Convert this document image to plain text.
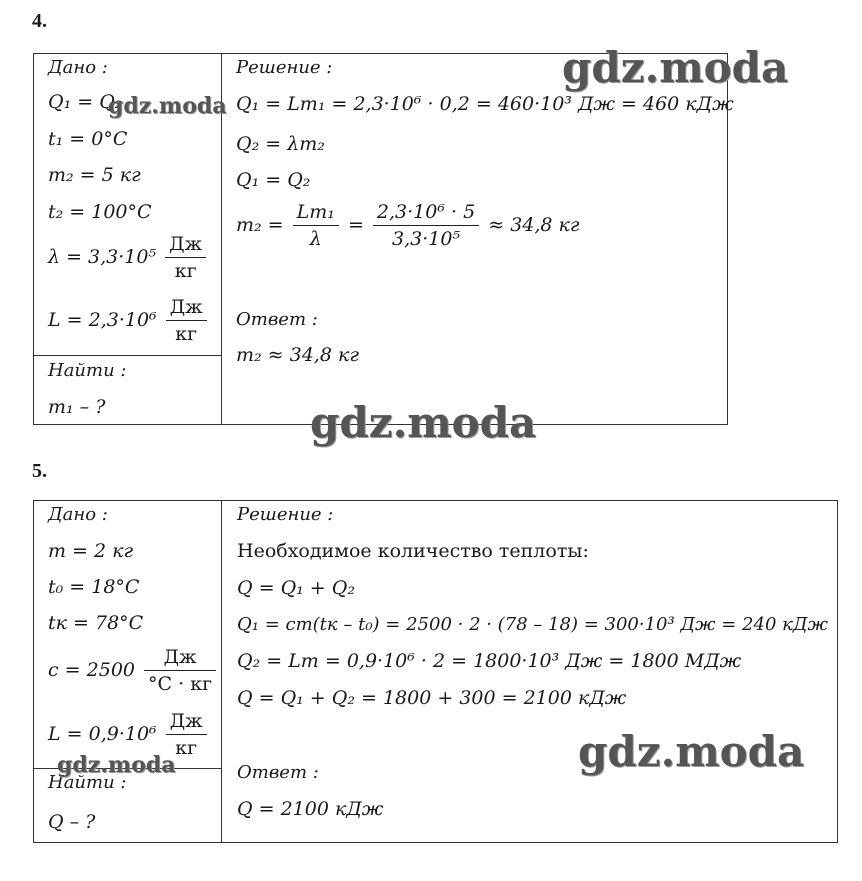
4.
Дано :
Q₁ = Q₂
t₁ = 0°C
m₂ = 5 кг
t₂ = 100°C
λ = 3,3·10⁵
Дж
кг
L = 2,3·10⁶
Дж
кг
Найти :
m₁ – ?
Решение :
Q₁ = Lm₁ = 2,3·10⁶ · 0,2 = 460·10³ Дж = 460 кДж
Q₂ = λm₂
Q₁ = Q₂
$m_2 = \frac{\text{Lm₁}}{\lambda} = \frac{\text{2,3·10⁶ · 5}}{\text{3,3·10⁵}} \approx 34,8$ кг
Ответ :
m₂ ≈ 34,8 кг
5.
Дано :
m = 2 кг
t₀ = 18°C
tк = 78°C
c = 2500
Дж
°C · кг
L = 0,9·10⁶
Дж
кг
Найти :
Q – ?
Решение :
Необходимое количество теплоты:
Q = Q₁ + Q₂
Q₁ = cm(tк – t₀) = 2500 · 2 · (78 – 18) = 300·10³ Дж = 240 кДж
Q₂ = Lm = 0,9·10⁶ · 2 = 1800·10³ Дж = 1800 МДж
Q = Q₁ + Q₂ = 1800 + 300 = 2100 кДж
Ответ :
Q = 2100 кДж
gdz.moda
gdz.moda
gdz.moda
gdz.moda
gdz.moda
